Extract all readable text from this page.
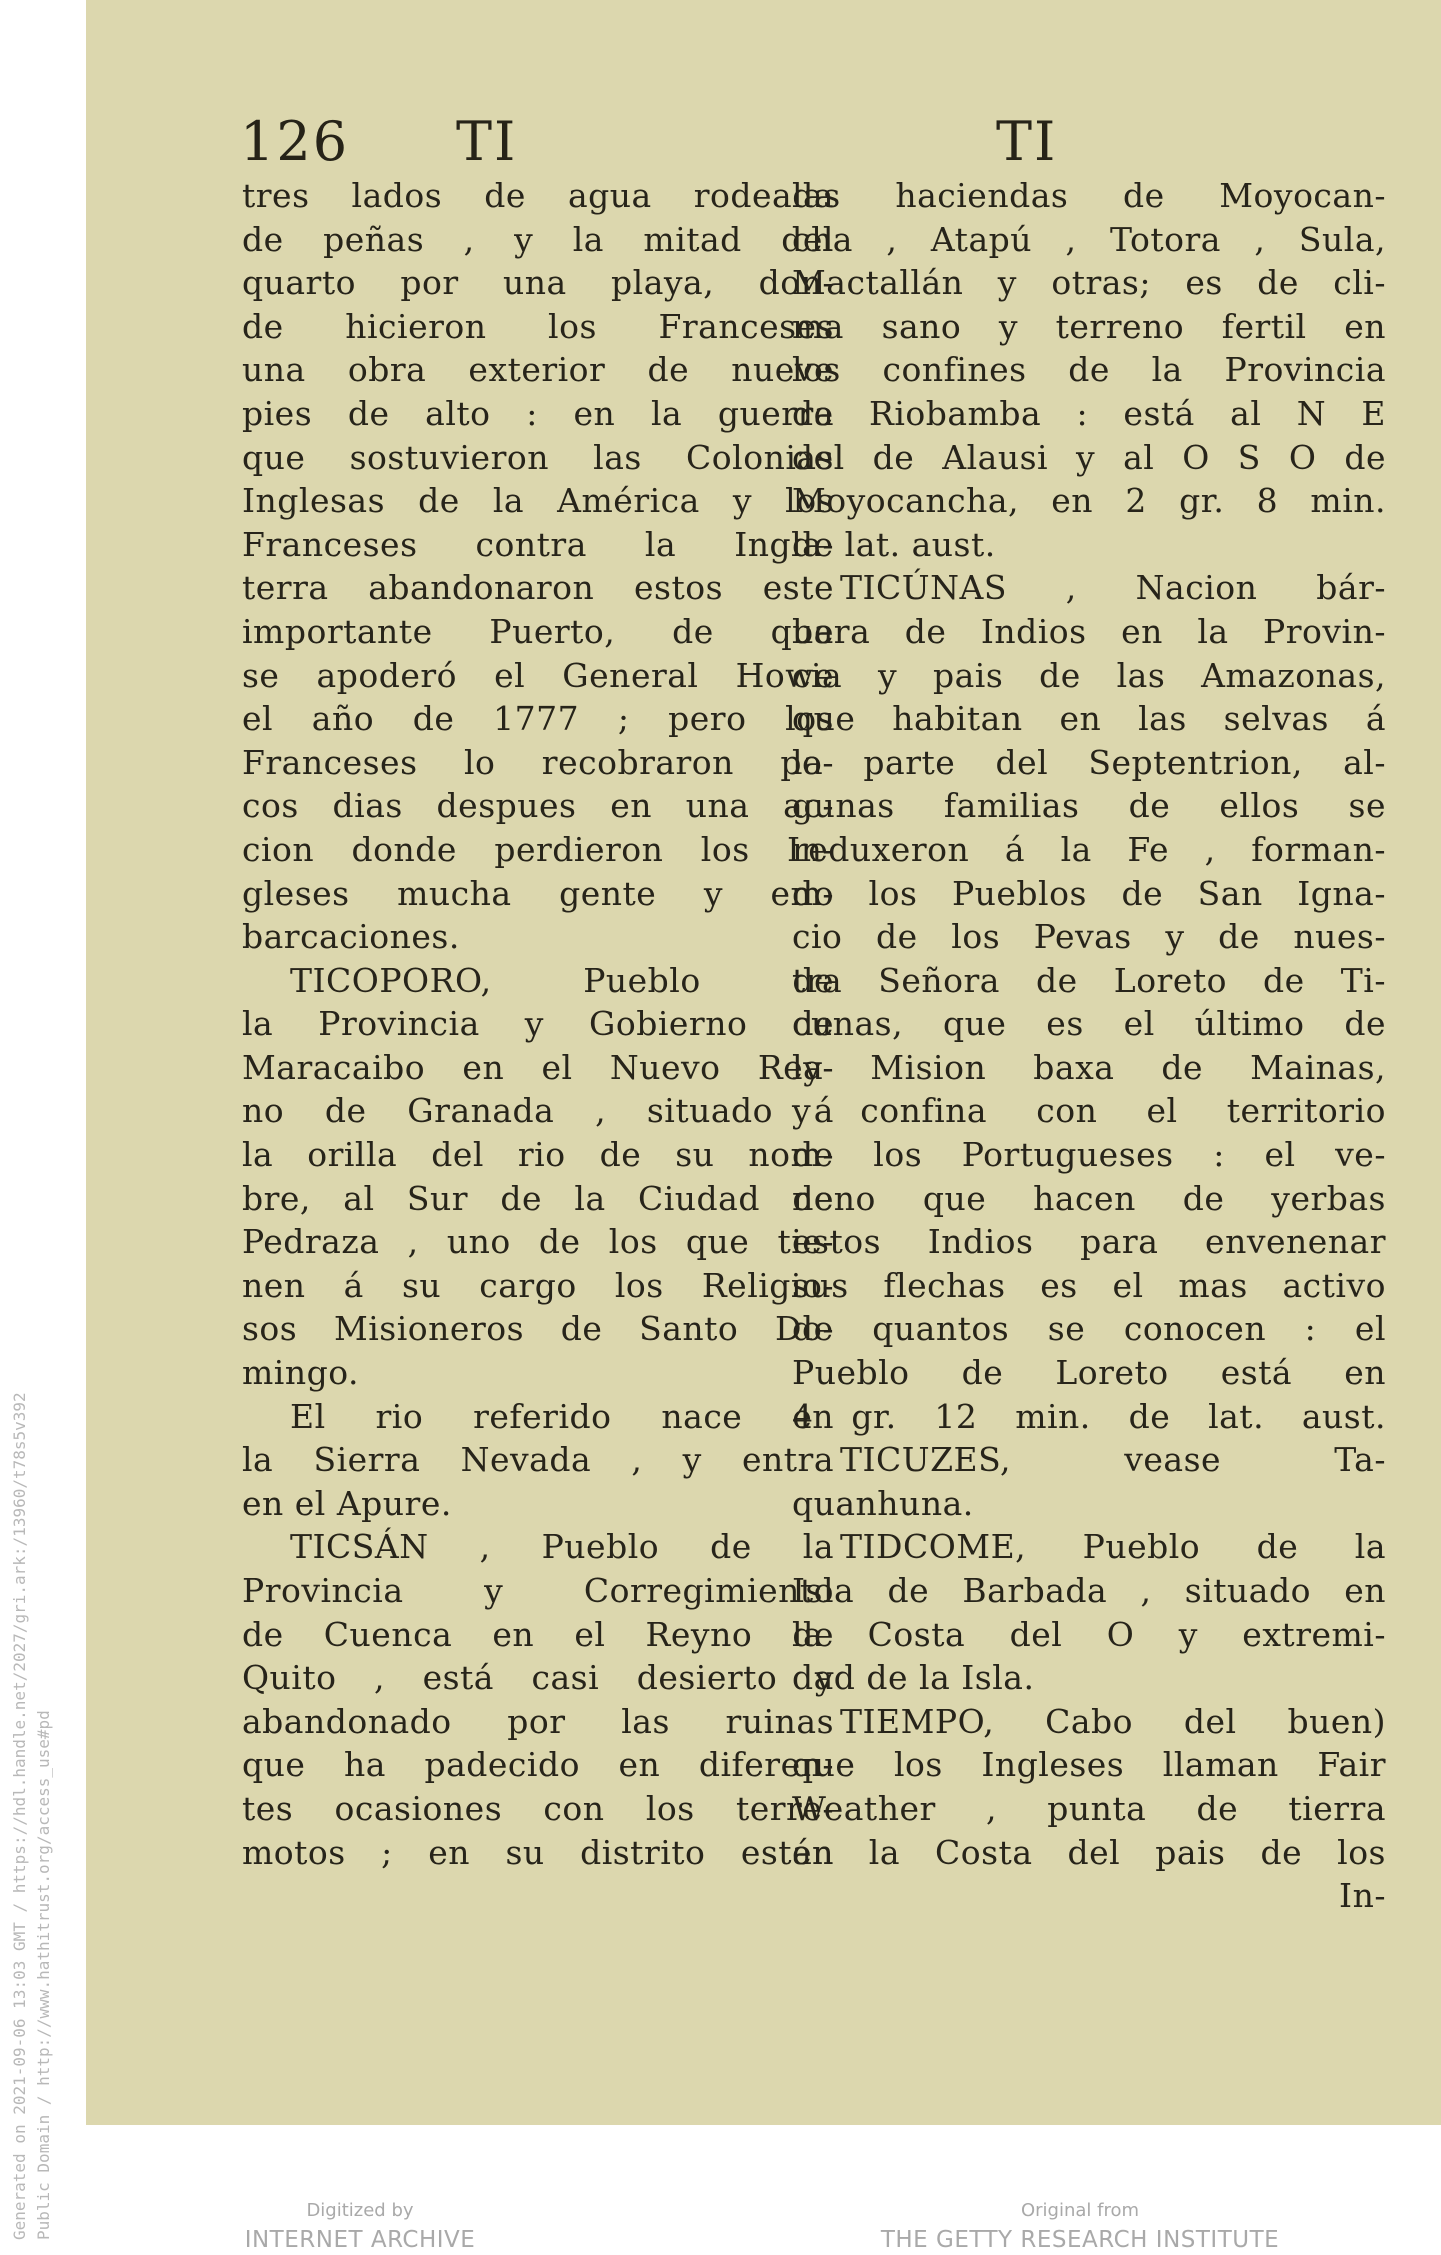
Generated on 2021-09-06 13:03 GMT / https://hdl.handle.net/2027/gri.ark:/13960/t78s5v392 Public Domain / http://www.hathitrust.org/access_use#pd
126 TI	TI
tres lados de agua rodeada
de peñas , y la mitad del
quarto por una playa, don-
de hicieron los Franceses
una obra exterior de nueve
pies de alto : en la guerra
que sostuvieron las Colonias
Inglesas de la América y los
Franceses contra la Ingla-
terra abandonaron estos este
importante Puerto, de que
se apoderó el General Howe
el año de 1777 ; pero los
Franceses lo recobraron po-
cos dias despues en una ac-
cion donde perdieron los In-
gleses mucha gente y em-
barcaciones.
TICOPORO, Pueblo de
la Provincia y Gobierno de
Maracaibo en el Nuevo Rey-
no de Granada , situado á
la orilla del rio de su nom-
bre, al Sur de la Ciudad de
Pedraza , uno de los que tie-
nen á su cargo los Religio-
sos Misioneros de Santo Do-
mingo.
El rio referido nace en
la Sierra Nevada , y entra
en el Apure.
TICSÁN , Pueblo de la
Provincia y Corregimiento
de Cuenca en el Reyno de
Quito , está casi desierto y
abandonado por las ruinas
que ha padecido en diferen-
tes ocasiones con los terre-
motos ; en su distrito están
las haciendas de Moyocan-
cha , Atapú , Totora , Sula,
Mactallán y otras; es de cli-
ma sano y terreno fertil en
los confines de la Provincia
de Riobamba : está al N E
del de Alausi y al O S O de
Moyocancha, en 2 gr. 8 min.
de lat. aust.
TICÚNAS , Nacion bár-
bara de Indios en la Provin-
cia y pais de las Amazonas,
que habitan en las selvas á
la parte del Septentrion, al-
gunas familias de ellos se
reduxeron á la Fe , forman-
do los Pueblos de San Igna-
cio de los Pevas y de nues-
tra Señora de Loreto de Ti-
cunas, que es el último de
la Mision baxa de Mainas,
y confina con el territorio
de los Portugueses : el ve-
neno que hacen de yerbas
estos Indios para envenenar
sus flechas es el mas activo
de quantos se conocen : el
Pueblo de Loreto está en
4 gr. 12 min. de lat. aust.
TICUZES, vease Ta-
quanhuna.
TIDCOME, Pueblo de la
Isla de Barbada , situado en
la Costa del O y extremi-
dad de la Isla.
TIEMPO, Cabo del buen)
que los Ingleses llaman Fair
Weather , punta de tierra
en la Costa del pais de los
In-
Digitized by
INTERNET ARCHIVE
Original from
THE GETTY RESEARCH INSTITUTE
